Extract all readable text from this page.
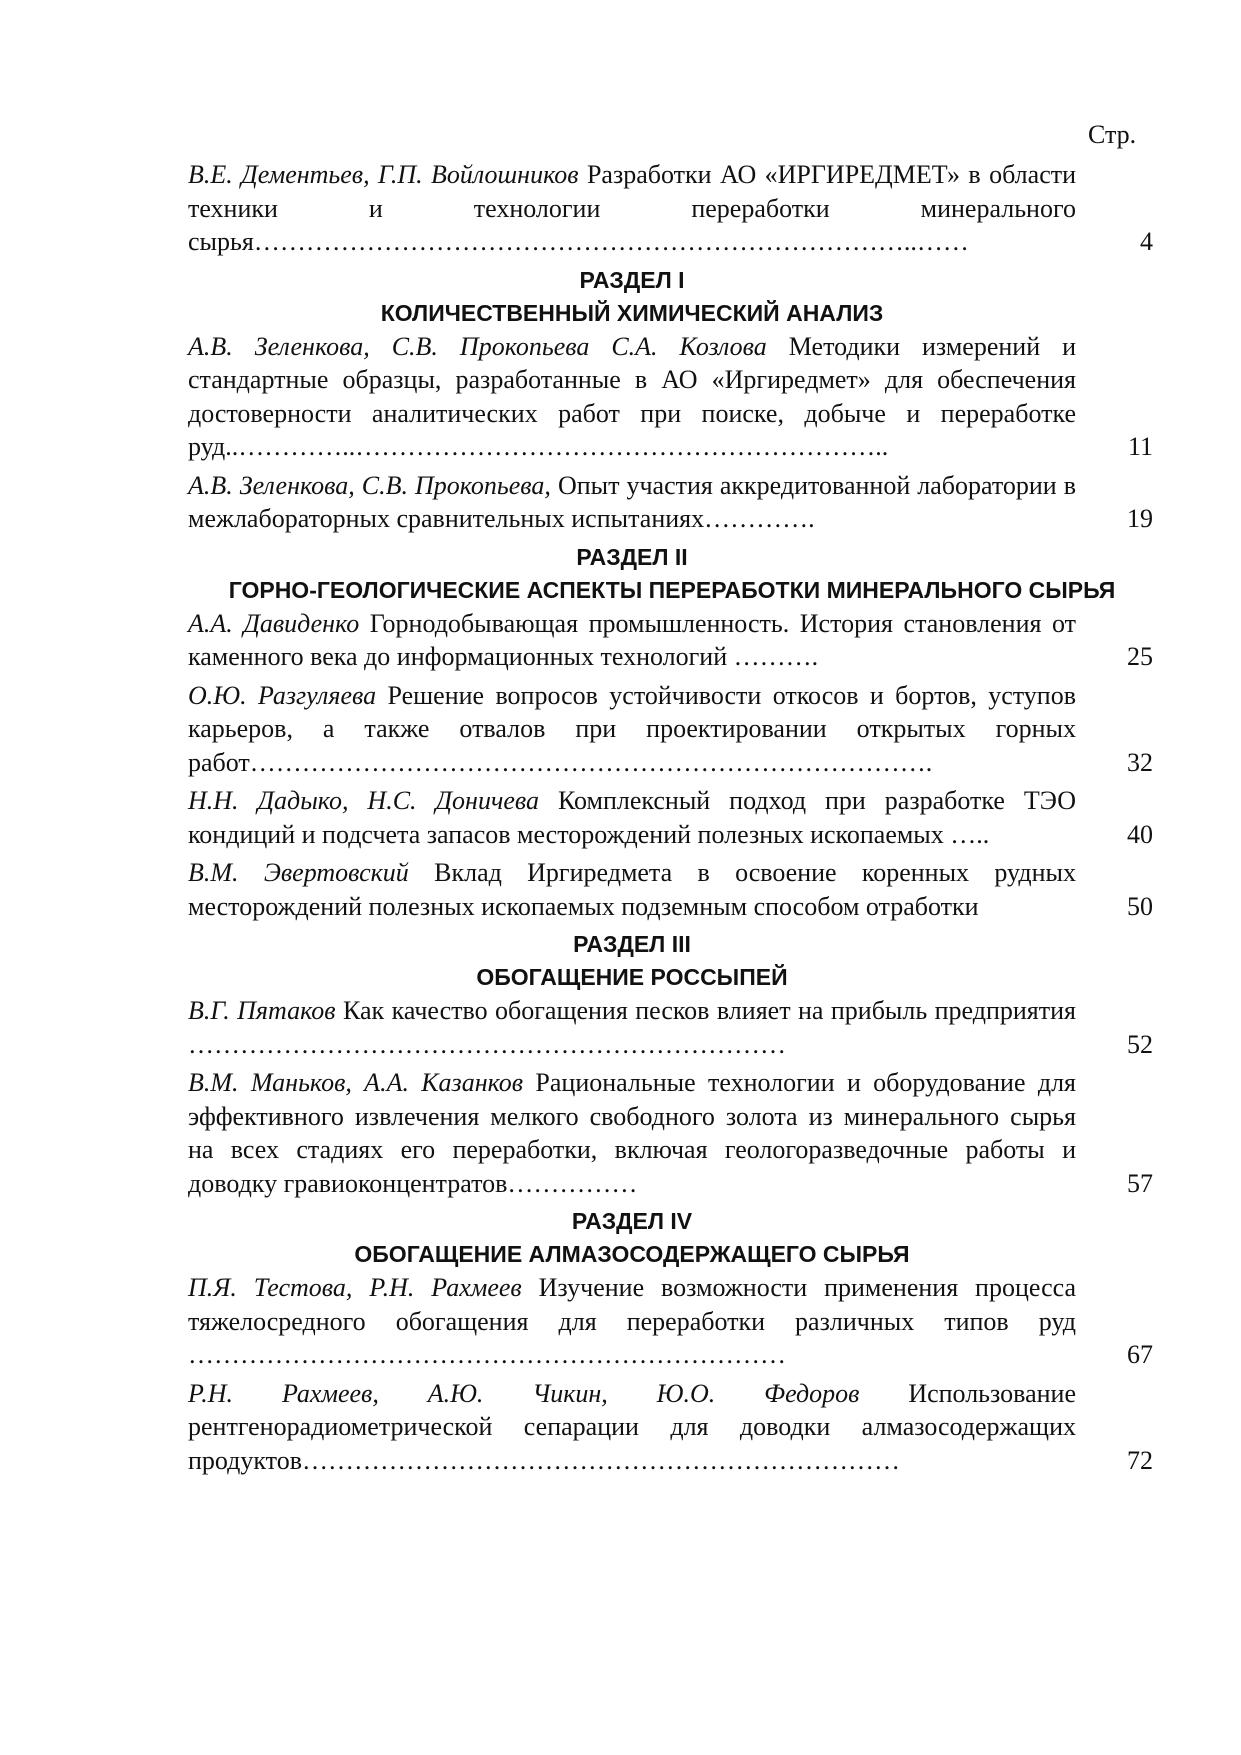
Стр.
В.Е. Дементьев, Г.П. Войлошников Разработки АО «ИРГИРЕДМЕТ» в области техники и технологии переработки минерального сырья…………………………………………………………………..……	4
РАЗДЕЛ I
КОЛИЧЕСТВЕННЫЙ ХИМИЧЕСКИЙ АНАЛИЗ
А.В. Зеленкова, С.В. Прокопьева С.А. Козлова Методики измерений и стандартные образцы, разработанные в АО «Иргиредмет» для обеспечения достоверности аналитических работ при поиске, добыче и переработке руд..…………..……………………………………………………..	11
А.В. Зеленкова, С.В. Прокопьева, Опыт участия аккредитованной лаборатории в межлабораторных сравнительных испытаниях………….	19
РАЗДЕЛ II
ГОРНО-ГЕОЛОГИЧЕСКИЕ АСПЕКТЫ ПЕРЕРАБОТКИ МИНЕРАЛЬНОГО СЫРЬЯ
А.А. Давиденко Горнодобывающая промышленность. История становления от каменного века до информационных технологий ……….	25
О.Ю. Разгуляева Решение вопросов устойчивости откосов и бортов, уступов карьеров, а также отвалов при проектировании открытых горных работ…………………………………………………………………….	32
Н.Н. Дадыко, Н.С. Доничева Комплексный подход при разработке ТЭО кондиций и подсчета запасов месторождений полезных ископаемых …..	40
В.М. Эвертовский Вклад Иргиредмета в освоение коренных рудных месторождений полезных ископаемых подземным способом отработки	50
РАЗДЕЛ III
ОБОГАЩЕНИЕ РОССЫПЕЙ
В.Г. Пятаков Как качество обогащения песков влияет на прибыль предприятия ……………………………………………………………	52
В.М. Маньков, А.А. Казанков Рациональные технологии и оборудование для эффективного извлечения мелкого свободного золота из минерального сырья на всех стадиях его переработки, включая геологоразведочные работы и доводку гравиоконцентратов……………	57
РАЗДЕЛ IV
ОБОГАЩЕНИЕ АЛМАЗОСОДЕРЖАЩЕГО СЫРЬЯ
П.Я. Тестова, Р.Н. Рахмеев Изучение возможности применения процесса тяжелосредного обогащения для переработки различных типов руд ……………………………………………………………	67
Р.Н. Рахмеев, А.Ю. Чикин, Ю.О. Федоров Использование рентгенорадиометрической сепарации для доводки алмазосодержащих продуктов……………………………………………………………	72
